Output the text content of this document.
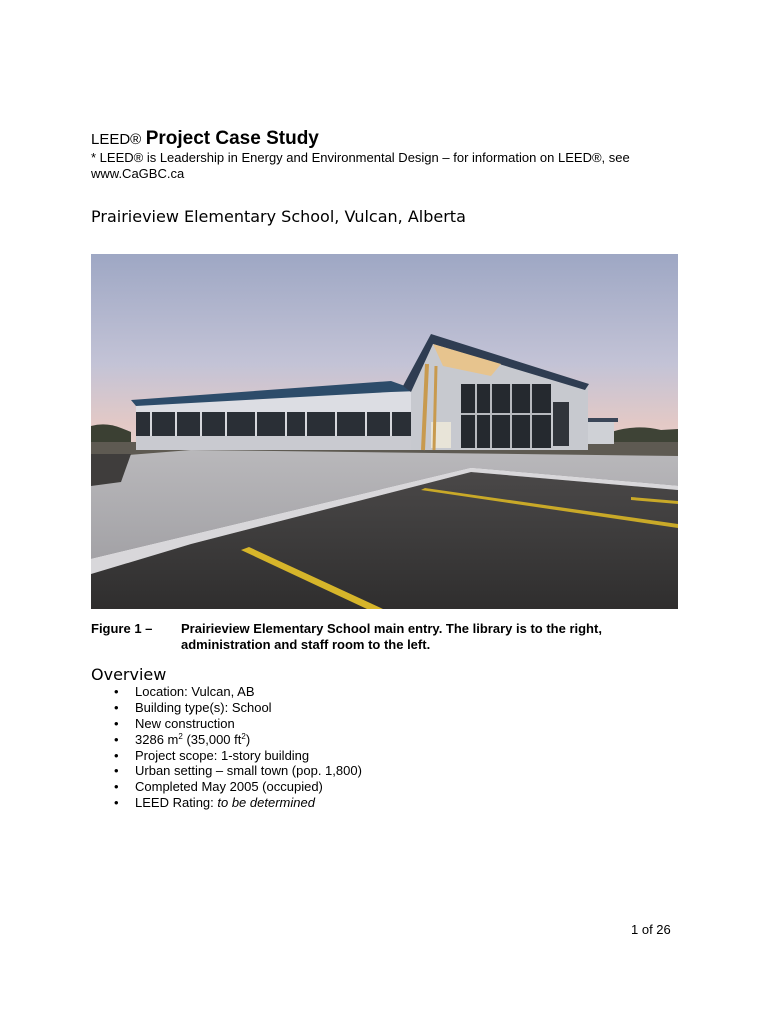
LEED® Project Case Study
* LEED® is Leadership in Energy and Environmental Design – for information on LEED®, see www.CaGBC.ca
Prairieview Elementary School, Vulcan, Alberta
Figure 1 – Prairieview Elementary School main entry. The library is to the right, administration and staff room to the left.
Overview
• Location: Vulcan, AB
• Building type(s): School
• New construction
• 3286 $m^2$ (35,000 $ft^2$)
• Project scope: 1-story building
• Urban setting – small town (pop. 1,800)
• Completed May 2005 (occupied)
• LEED Rating: to be determined
1 of 26
